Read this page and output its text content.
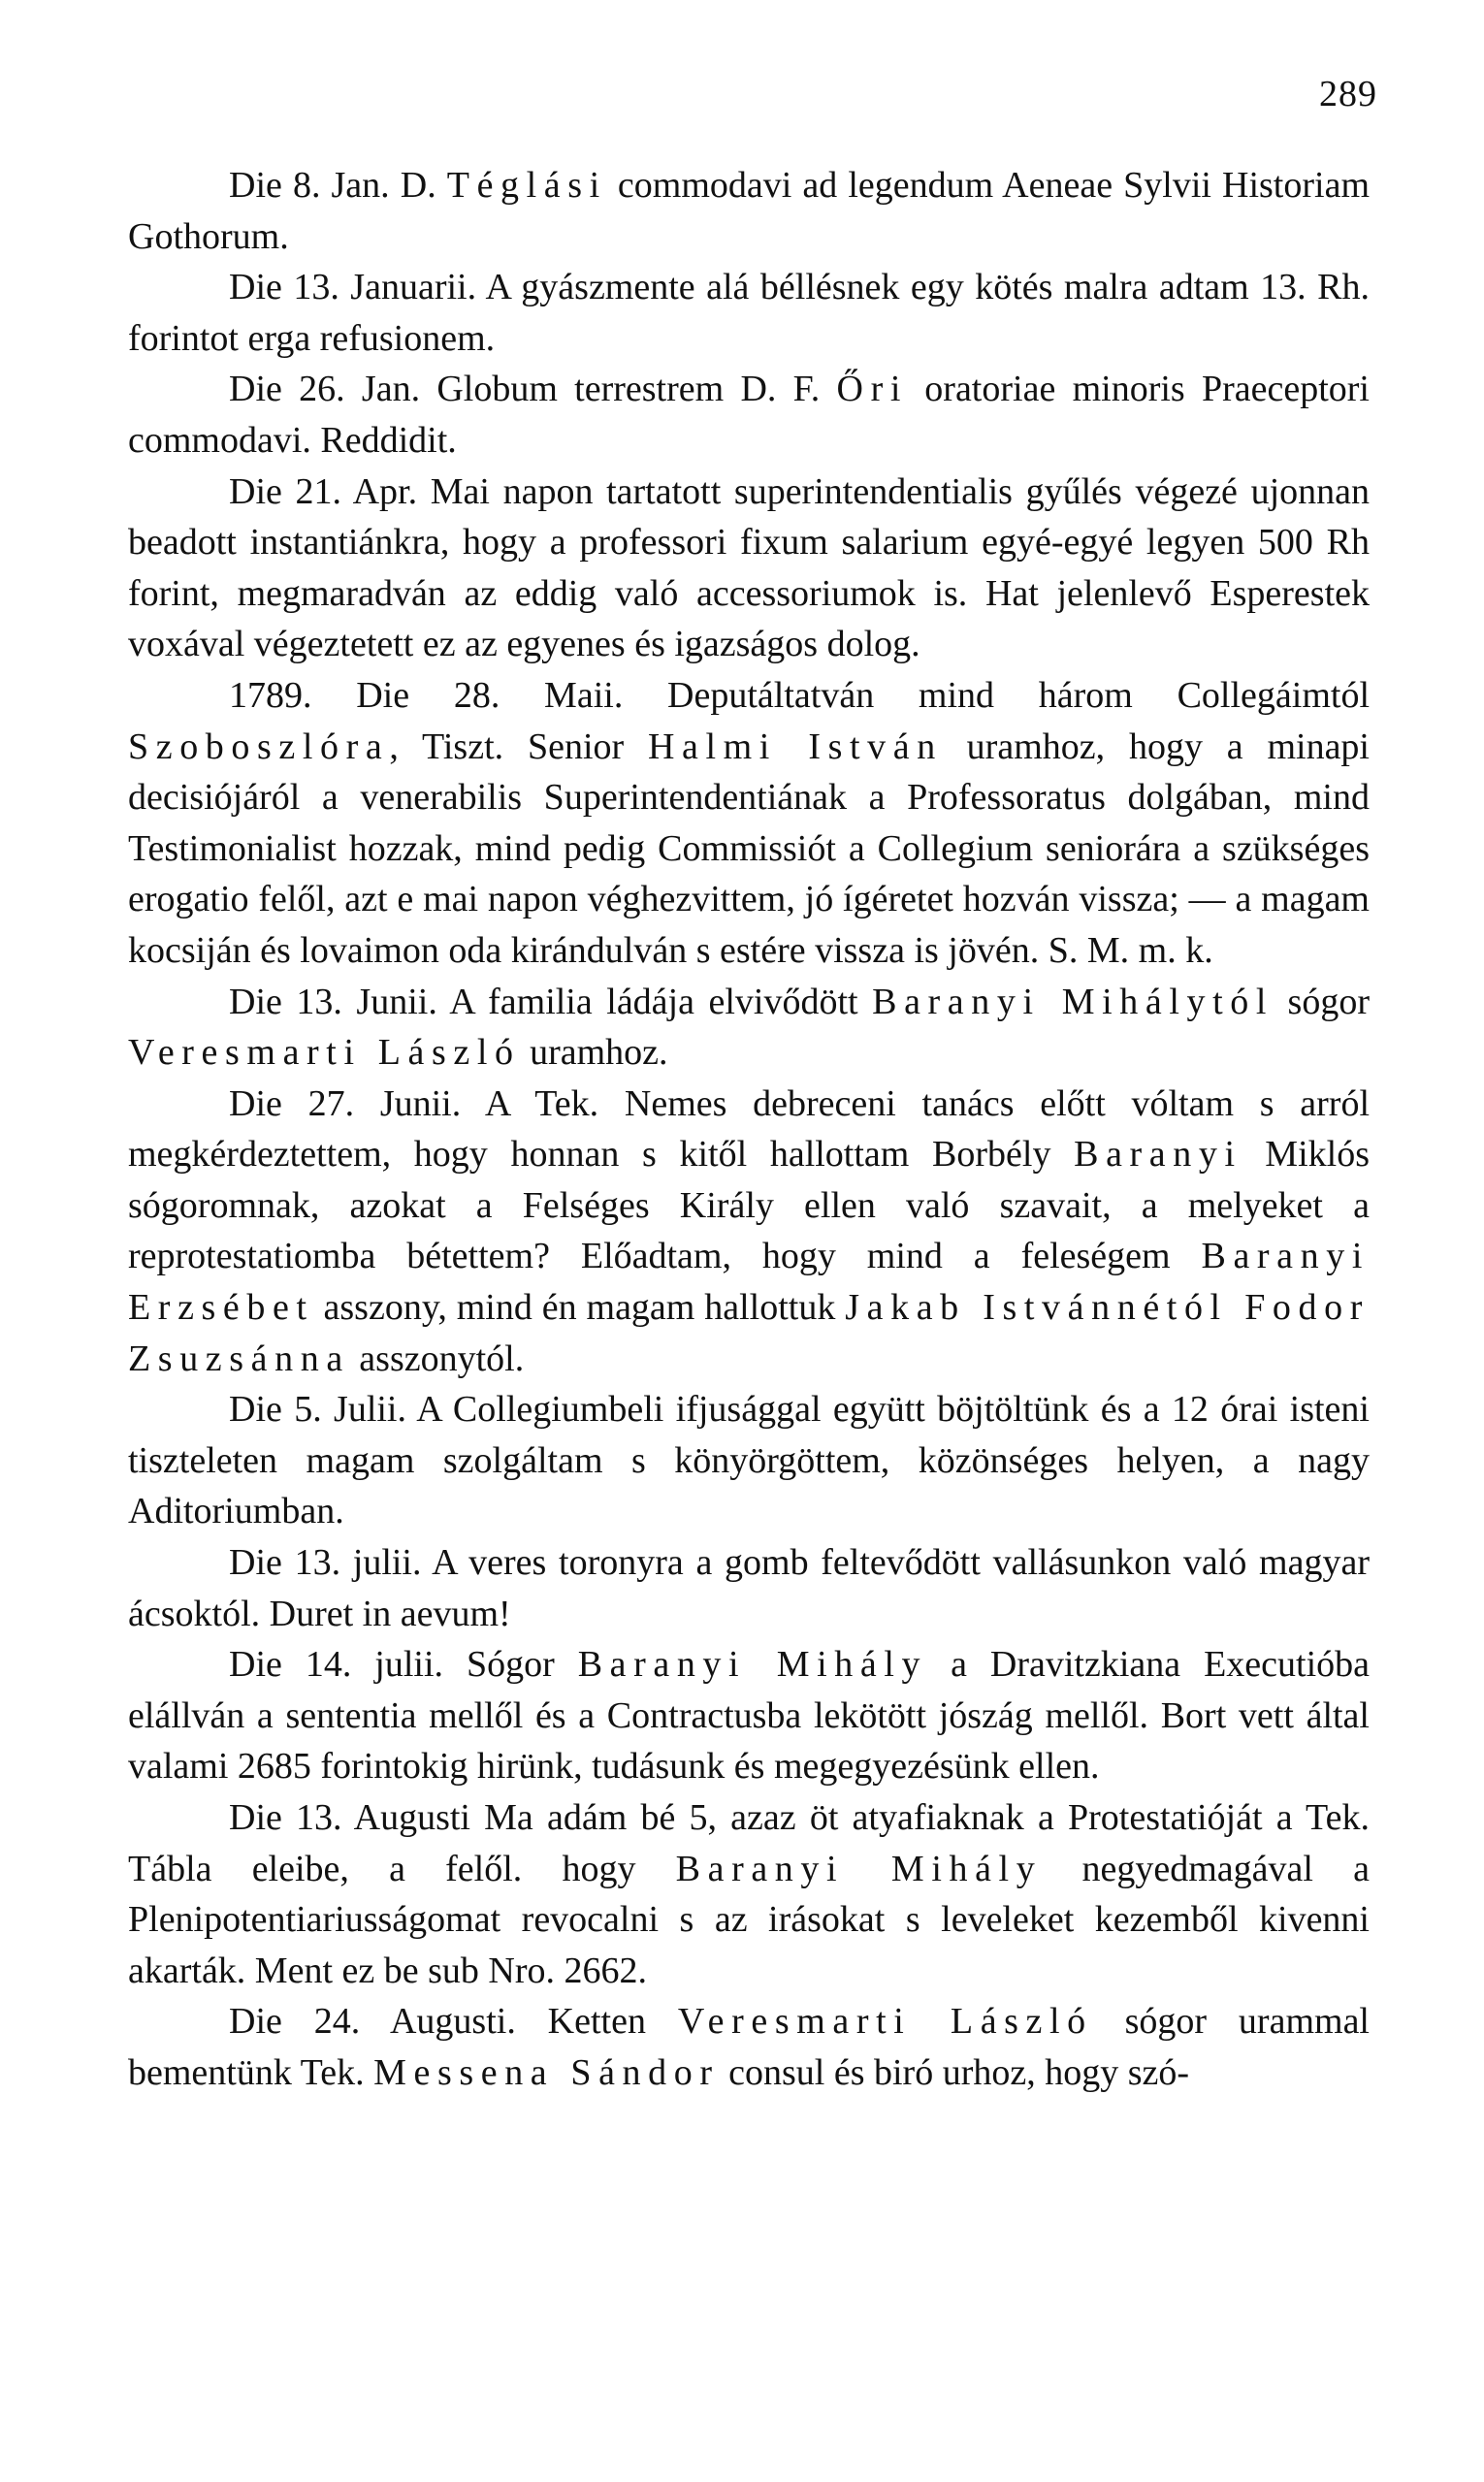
289

Die 8. Jan. D. Téglási commodavi ad legendum Aeneae Sylvii Historiam Gothorum.

Die 13. Januarii. A gyászmente alá béllésnek egy kötés malra adtam 13. Rh. forintot erga refusionem.

Die 26. Jan. Globum terrestrem D. F. Őri oratoriae minoris Praeceptori commodavi. Reddidit.

Die 21. Apr. Mai napon tartatott superintendentialis gyűlés végezé ujonnan beadott instantiánkra, hogy a professori fixum salarium egyé-egyé legyen 500 Rh forint, megmaradván az eddig való accessoriumok is. Hat jelenlevő Esperestek voxával végeztetett ez az egyenes és igazságos dolog.

1789. Die 28. Maii. Deputáltatván mind három Collegáimtól Szoboszlóra, Tiszt. Senior Halmi István uramhoz, hogy a minapi decisiójáról a venerabilis Superintendentiának a Professoratus dolgában, mind Testimonialist hozzak, mind pedig Commissiót a Collegium seniorára a szükséges erogatio felől, azt e mai napon véghezvittem, jó ígéretet hozván vissza; — a magam kocsiján és lovaimon oda kirándulván s estére vissza is jövén. S. M. m. k.

Die 13. Junii. A familia ládája elvivődött Baranyi Mihálytól sógor Veresmarti László uramhoz.

Die 27. Junii. A Tek. Nemes debreceni tanács előtt vóltam s arról megkérdeztettem, hogy honnan s kitől hallottam Borbély Baranyi Miklós sógoromnak, azokat a Felséges Király ellen való szavait, a melyeket a reprotestatiomba bétettem? Előadtam, hogy mind a feleségem Baranyi Erzsébet asszony, mind én magam hallottuk Jakab Istvánnétól Fodor Zsuzsánna asszonytól.

Die 5. Julii. A Collegiumbeli ifjusággal együtt böjtöltünk és a 12 órai isteni tiszteleten magam szolgáltam s könyörgöttem, közönséges helyen, a nagy Aditoriumban.

Die 13. julii. A veres toronyra a gomb feltevődött vallásunkon való magyar ácsoktól. Duret in aevum!

Die 14. julii. Sógor Baranyi Mihály a Dravitzkiana Executióba elállván a sententia mellől és a Contractusba lekötött jószág mellől. Bort vett által valami 2685 forintokig hirünk, tudásunk és megegyezésünk ellen.

Die 13. Augusti Ma adám bé 5, azaz öt atyafiaknak a Protestatióját a Tek. Tábla eleibe, a felől. hogy Baranyi Mihály negyedmagával a Plenipotentiariusságomat revocalni s az irásokat s leveleket kezemből kivenni akarták. Ment ez be sub Nro. 2662.

Die 24. Augusti. Ketten Veresmarti László sógor urammal bementünk Tek. Messena Sándor consul és biró urhoz, hogy szó-
